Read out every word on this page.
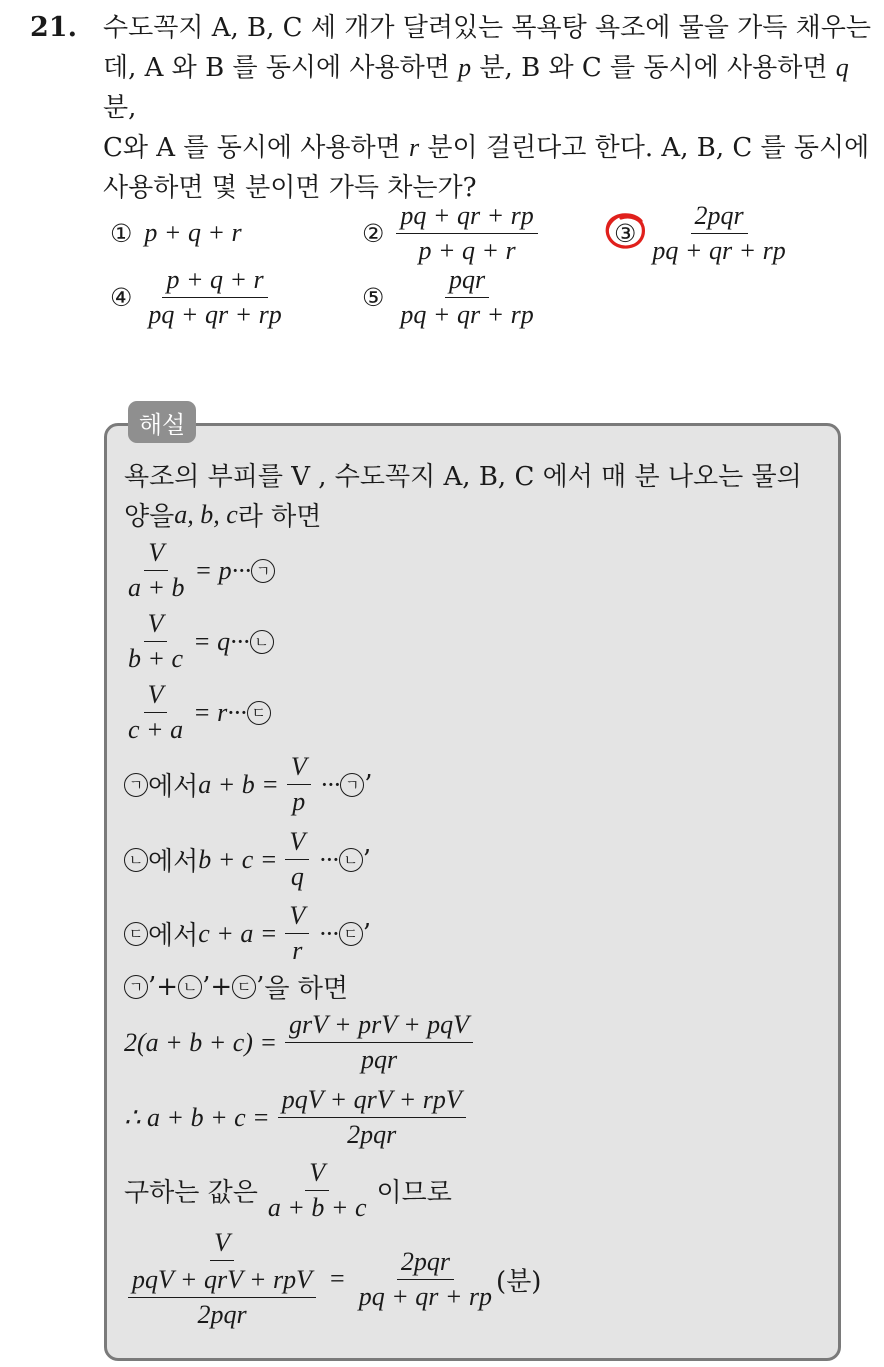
21. 수도꼭지 A, B, C 세 개가 달려있는 목욕탕 욕조에 물을 가득 채우는
데, A 와 B 를 동시에 사용하면 p 분, B 와 C 를 동시에 사용하면 q 분,
C와 A 를 동시에 사용하면 r 분이 걸린다고 한다. A, B, C 를 동시에
사용하면 몇 분이면 가득 차는가?
① p + q + r	② $\frac{pq + qr + rp}{p + q + r}$	③ $\frac{\text{2pqr}}{pq + qr + rp}$
④ $\frac{p + q + r}{pq + qr + rp}$	⑤ $\frac{\text{pqr}}{pq + qr + rp}$
해설
욕조의 부피를 V , 수도꼭지 A, B, C 에서 매 분 나오는 물의
양을 a, b, c 라 하면
$\frac{V}{a + b} = p\cdot\cdot\cdot$ ㄱ
$\frac{V}{b + c} = q\cdot\cdot\cdot$ ㄴ
$\frac{V}{c + a} = r\cdot\cdot\cdot$ ㄷ
ㄱ 에서 $a + b = \frac{V}{p}$ ··· ㄱ ’
ㄴ 에서 $b + c = \frac{V}{q}$ ··· ㄴ ’
ㄷ 에서 $c + a = \frac{V}{r}$ ··· ㄷ ’
ㄱ ’ + ㄴ ’ + ㄷ ’ 을 하면
$2(a + b + c) = \frac{\text{grV + prV + pqV}}{\text{pqr}}$
∴ $a + b + c = \frac{\text{pqV + qrV + rpV}}{\text{2pqr}}$
구하는 값은 $\frac{V}{a + b + c}$ 이므로
$\frac{V}{\frac{\text{pqV + qrV + rpV}}{\text{2pqr}}} = \frac{\text{2pqr}}{pq + qr + rp}$ (분)
